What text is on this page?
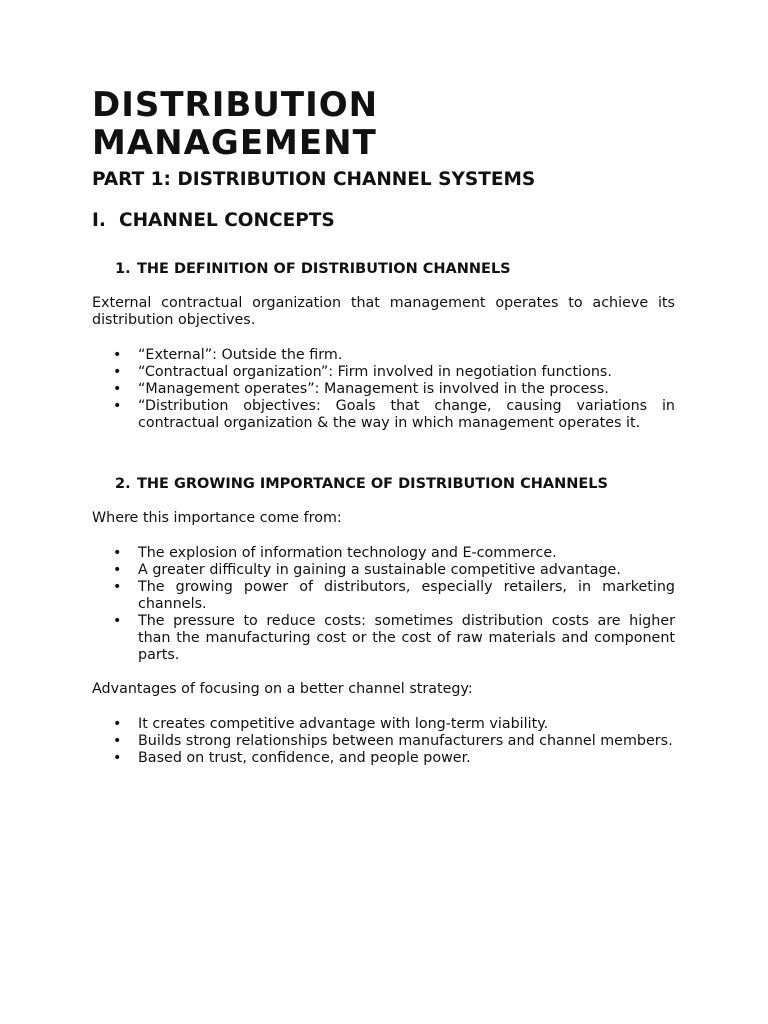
DISTRIBUTION
MANAGEMENT
PART 1: DISTRIBUTION CHANNEL SYSTEMS
I. CHANNEL CONCEPTS
1. THE DEFINITION OF DISTRIBUTION CHANNELS

External contractual organization that management operates to achieve its distribution objectives.

• “External”: Outside the firm.
• “Contractual organization”: Firm involved in negotiation functions.
• “Management operates”: Management is involved in the process.
• “Distribution objectives: Goals that change, causing variations in contractual organization & the way in which management operates it.
2. THE GROWING IMPORTANCE OF DISTRIBUTION CHANNELS

Where this importance come from:

• The explosion of information technology and E-commerce.
• A greater difficulty in gaining a sustainable competitive advantage.
• The growing power of distributors, especially retailers, in marketing channels.
• The pressure to reduce costs: sometimes distribution costs are higher than the manufacturing cost or the cost of raw materials and component parts.

Advantages of focusing on a better channel strategy:

• It creates competitive advantage with long-term viability.
• Builds strong relationships between manufacturers and channel members.
• Based on trust, confidence, and people power.
